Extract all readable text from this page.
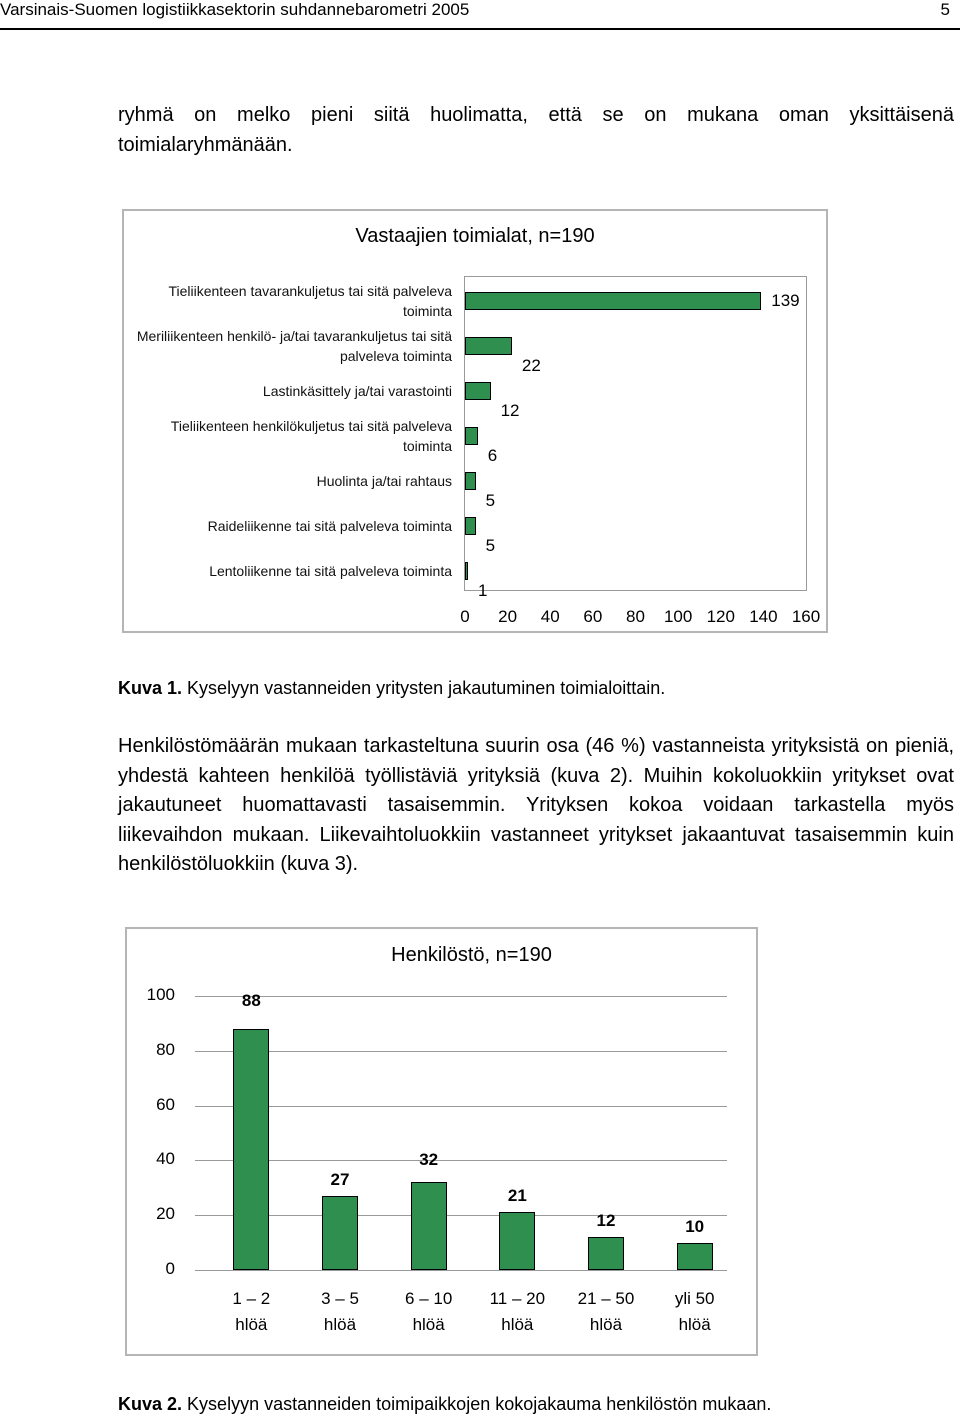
Varsinais-Suomen logistiikkasektorin suhdannebarometri 2005	5

ryhmä on melko pieni siitä huolimatta, että se on mukana oman yksittäisenä toimialaryhmänään.

Vastaajien toimialat, n=190
Tieliikenteen tavarankuljetus tai sitä palveleva toiminta
Meriliikenteen henkilö- ja/tai tavarankuljetus tai sitä palveleva toiminta
Lastinkäsittely ja/tai varastointi
Tieliikenteen henkilökuljetus tai sitä palveleva toiminta
Huolinta ja/tai rahtaus
Raideliikenne tai sitä palveleva toiminta
Lentoliikenne tai sitä palveleva toiminta
139
22
12
6
5
5
1
0	20	40	60	80	100 120 140 160
Kuva 1. Kyselyyn vastanneiden yritysten jakautuminen toimialoittain.

Henkilöstömäärän mukaan tarkasteltuna suurin osa (46 %) vastanneista yrityksistä on pieniä, yhdestä kahteen henkilöä työllistäviä yrityksiä (kuva 2). Muihin kokoluokkiin yritykset ovat jakautuneet huomattavasti tasaisemmin. Yrityksen kokoa voidaan tarkastella myös liikevaihdon mukaan. Liikevaihtoluokkiin vastanneet yritykset jakaantuvat tasaisemmin kuin henkilöstöluokkiin (kuva 3).

Henkilöstö, n=190
0
20
40
60
80
100	88
1 – 2
hlöä
27
3 – 5
hlöä
32
6 – 10
hlöä
21
11 – 20
hlöä
12
21 – 50
hlöä
10
yli 50
hlöä
Kuva 2. Kyselyyn vastanneiden toimipaikkojen kokojakauma henkilöstön mukaan.
